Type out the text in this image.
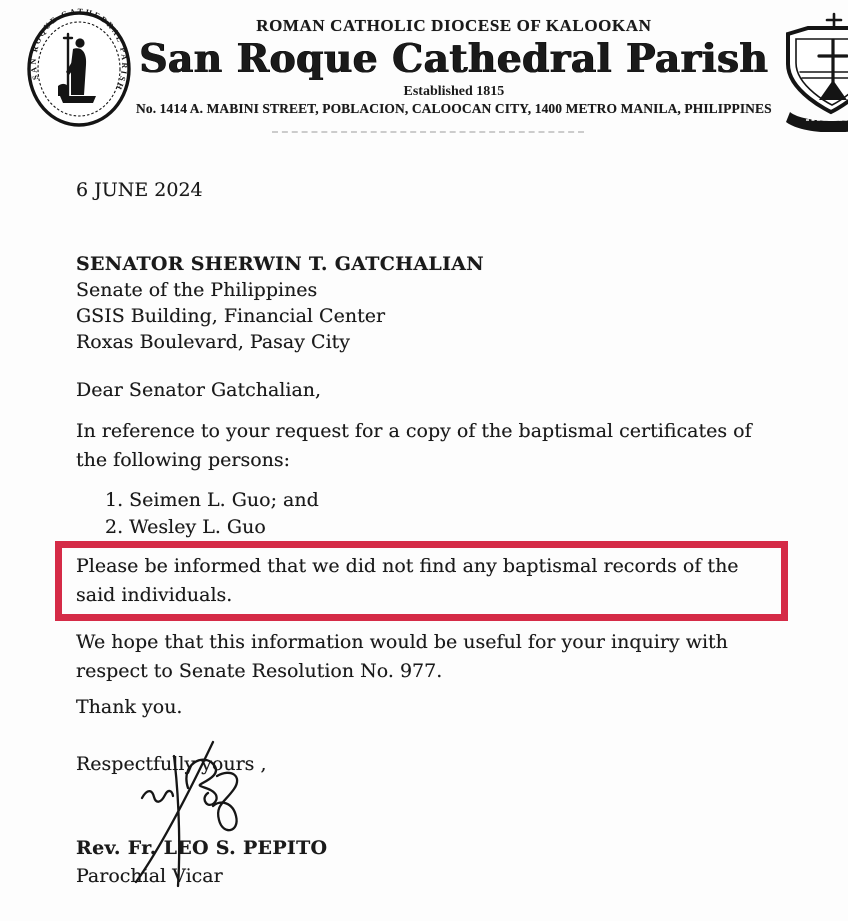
SAN ROQUE CATHEDRAL PARISH
ROMAN CATHOLIC DIOCESE OF KALOOKAN
San Roque Cathedral Parish
Established 1815
No. 1414 A. MABINI STREET, POBLACION, CALOOCAN CITY, 1400 METRO MANILA, PHILIPPINES

6 JUNE 2024

SENATOR SHERWIN T. GATCHALIAN
Senate of the Philippines
GSIS Building, Financial Center
Roxas Boulevard, Pasay City

Dear Senator Gatchalian,

In reference to your request for a copy of the baptismal certificates of
the following persons:
1. Seimen L. Guo; and
2. Wesley L. Guo
Please be informed that we did not find any baptismal records of the
said individuals.
We hope that this information would be useful for your inquiry with
respect to Senate Resolution No. 977.

Thank you.

Respectfully yours ,

Rev. Fr. LEO S. PEPITO
Parochial Vicar
